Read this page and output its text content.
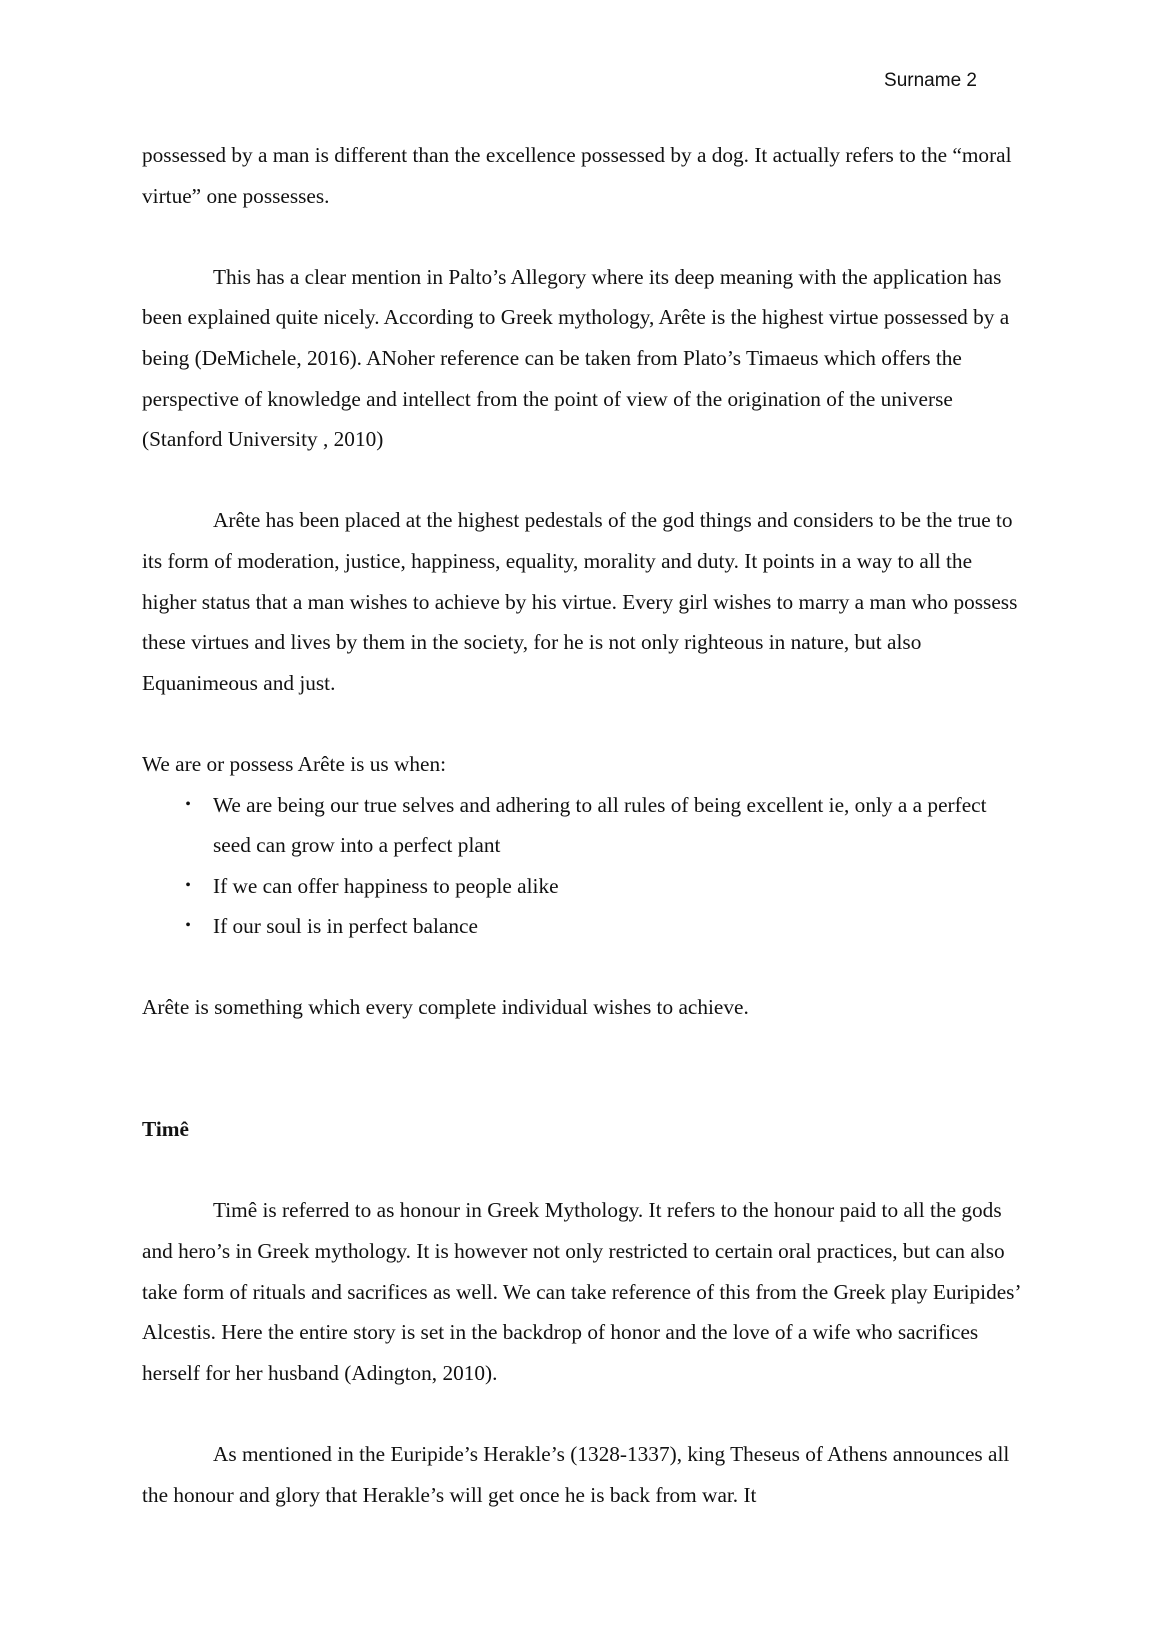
Surname 2

possessed by a man is different than the excellence possessed by a dog. It actually refers to the “moral virtue” one possesses.

This has a clear mention in Palto’s Allegory where its deep meaning with the application has been explained quite nicely. According to Greek mythology, Arête is the highest virtue possessed by a being (DeMichele, 2016). ANoher reference can be taken from Plato’s Timaeus which offers the perspective of knowledge and intellect from the point of view of the origination of the universe (Stanford University , 2010)

Arête has been placed at the highest pedestals of the god things and considers to be the true to its form of moderation, justice, happiness, equality, morality and duty. It points in a way to all the higher status that a man wishes to achieve by his virtue. Every girl wishes to marry a man who possess these virtues and lives by them in the society, for he is not only righteous in nature, but also Equanimeous and just.

We are or possess Arête is us when:

•	We are being our true selves and adhering to all rules of being excellent ie, only a a perfect seed can grow into a perfect plant
•	If we can offer happiness to people alike
•	If our soul is in perfect balance

Arête is something which every complete individual wishes to achieve.

Timê

Timê is referred to as honour in Greek Mythology. It refers to the honour paid to all the gods and hero’s in Greek mythology. It is however not only restricted to certain oral practices, but can also take form of rituals and sacrifices as well. We can take reference of this from the Greek play Euripides’ Alcestis. Here the entire story is set in the backdrop of honor and the love of a wife who sacrifices herself for her husband (Adington, 2010).

As mentioned in the Euripide’s Herakle’s (1328-1337), king Theseus of Athens announces all the honour and glory that Herakle’s will get once he is back from war. It
